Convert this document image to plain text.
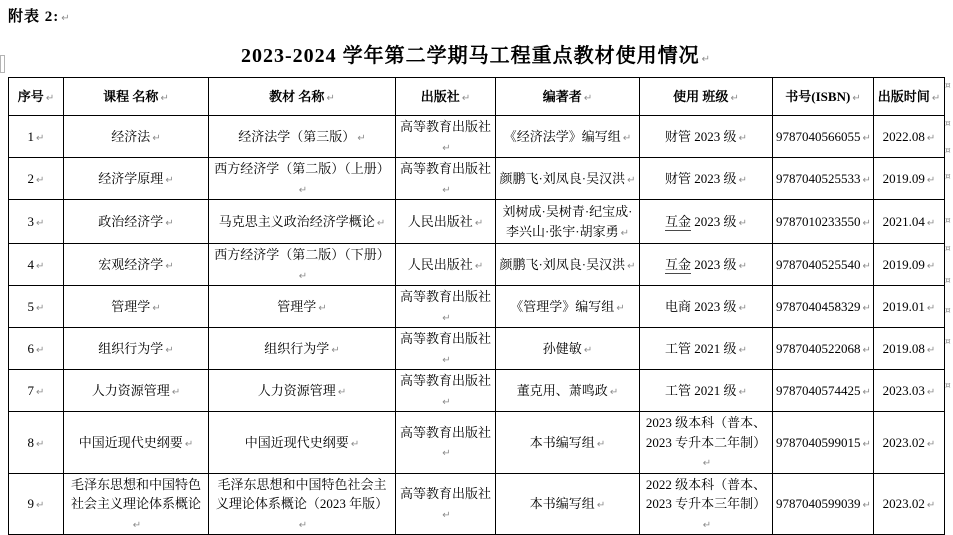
附表 2: ↵
2023-2024 学年第二学期马工程重点教材使用情况 ↵
序号 ↵	课程 名称 ↵	教材 名称 ↵	出版社 ↵	编著者 ↵	使用 班级 ↵	书号(ISBN) ↵	出版时间 ↵
1 ↵	经济法 ↵	经济法学（第三版） ↵	高等教育出版社↵	《经济法学》编写组 ↵	财管 2023 级 ↵	9787040566055 ↵	2022.08 ↵
2 ↵	经济学原理 ↵	西方经济学（第二版）（上册）↵	高等教育出版社↵	颜鹏飞·刘凤良·吴汉洪 ↵	财管 2023 级 ↵	9787040525533 ↵	2019.09 ↵
3 ↵	政治经济学 ↵	马克思主义政治经济学概论 ↵	人民出版社 ↵	刘树成·吴树青·纪宝成·李兴山·张宇·胡家勇 ↵	互金 2023 级 ↵	9787010233550 ↵	2021.04 ↵
4 ↵	宏观经济学 ↵	西方经济学（第二版）（下册）↵	人民出版社 ↵	颜鹏飞·刘凤良·吴汉洪 ↵	互金 2023 级 ↵	9787040525540 ↵	2019.09 ↵
5 ↵	管理学 ↵	管理学 ↵	高等教育出版社↵	《管理学》编写组 ↵	电商 2023 级 ↵	9787040458329 ↵	2019.01 ↵
6 ↵	组织行为学 ↵	组织行为学 ↵	高等教育出版社↵	孙健敏 ↵	工管 2021 级 ↵	9787040522068 ↵	2019.08 ↵
7 ↵	人力资源管理 ↵	人力资源管理 ↵	高等教育出版社↵	董克用、萧鸣政 ↵	工管 2021 级 ↵	9787040574425 ↵	2023.03 ↵
8 ↵	中国近现代史纲要 ↵	中国近现代史纲要 ↵	高等教育出版社↵	本书编写组 ↵	2023 级本科（普本、2023 专升本二年制）↵	9787040599015 ↵	2023.02 ↵
9 ↵	毛泽东思想和中国特色社会主义理论体系概论↵	毛泽东思想和中国特色社会主义理论体系概论（2023 年版）↵	高等教育出版社↵	本书编写组 ↵	2022 级本科（普本、2023 专升本三年制）↵	9787040599039 ↵	2023.02 ↵
¤
¤
¤
¤
¤
¤
¤
¤
¤
¤
